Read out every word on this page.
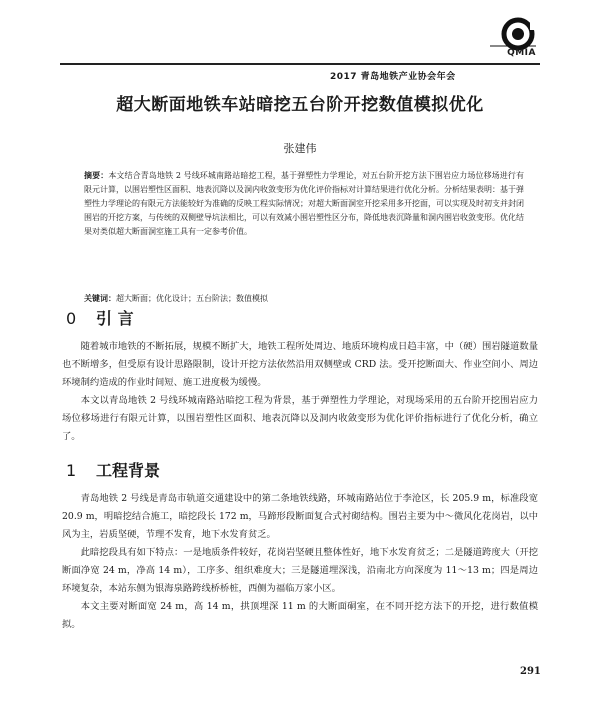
QMIA

2017 青岛地铁产业协会年会

超大断面地铁车站暗挖五台阶开挖数值模拟优化

张建伟

摘要：本文结合青岛地铁 2 号线环城南路站暗挖工程，基于弹塑性力学理论，对五台阶开挖方法下围岩应力场位移场进行有限元计算，以围岩塑性区面积、地表沉降以及洞内收敛变形为优化评价指标对计算结果进行优化分析。分析结果表明：基于弹塑性力学理论的有限元方法能较好为准确的反映工程实际情况；对超大断面洞室开挖采用多开挖面，可以实现及时初支并封闭围岩的开挖方案，与传统的双侧壁导坑法相比，可以有效减小围岩塑性区分布，降低地表沉降量和洞内围岩收敛变形。优化结果对类似超大断面洞室施工具有一定参考价值。

关键词：超大断面；优化设计；五台阶法；数值模拟

0 引 言

随着城市地铁的不断拓展，规模不断扩大，地铁工程所处周边、地质环境构成日趋丰富，中（硬）围岩隧道数量也不断增多，但受原有设计思路限制，设计开挖方法依然沿用双侧壁或 CRD 法。受开挖断面大、作业空间小、周边环境制约造成的作业时间短、施工进度极为缓慢。

本文以青岛地铁 2 号线环城南路站暗挖工程为背景，基于弹塑性力学理论，对现场采用的五台阶开挖围岩应力场位移场进行有限元计算，以围岩塑性区面积、地表沉降以及洞内收敛变形为优化评价指标进行了优化分析，确立了。

1 工程背景

青岛地铁 2 号线是青岛市轨道交通建设中的第二条地铁线路，环城南路站位于李沧区，长 205.9 m，标准段宽 20.9 m，明暗挖结合施工，暗挖段长 172 m，马蹄形段断面复合式衬砌结构。围岩主要为中～微风化花岗岩，以中风为主，岩质坚硬，节理不发育，地下水发育贫乏。

此暗挖段具有如下特点：一是地质条件较好，花岗岩坚硬且整体性好，地下水发育贫乏；二是隧道跨度大（开挖断面净宽 24 m，净高 14 m），工序多、组织难度大；三是隧道埋深浅，沿南北方向深度为 11～13 m；四是周边环境复杂，本站东侧为银海泉路跨线桥桥桩，西侧为福临万家小区。

本文主要对断面宽 24 m，高 14 m，拱顶埋深 11 m 的大断面硐室，在不同开挖方法下的开挖，进行数值模拟。

291
